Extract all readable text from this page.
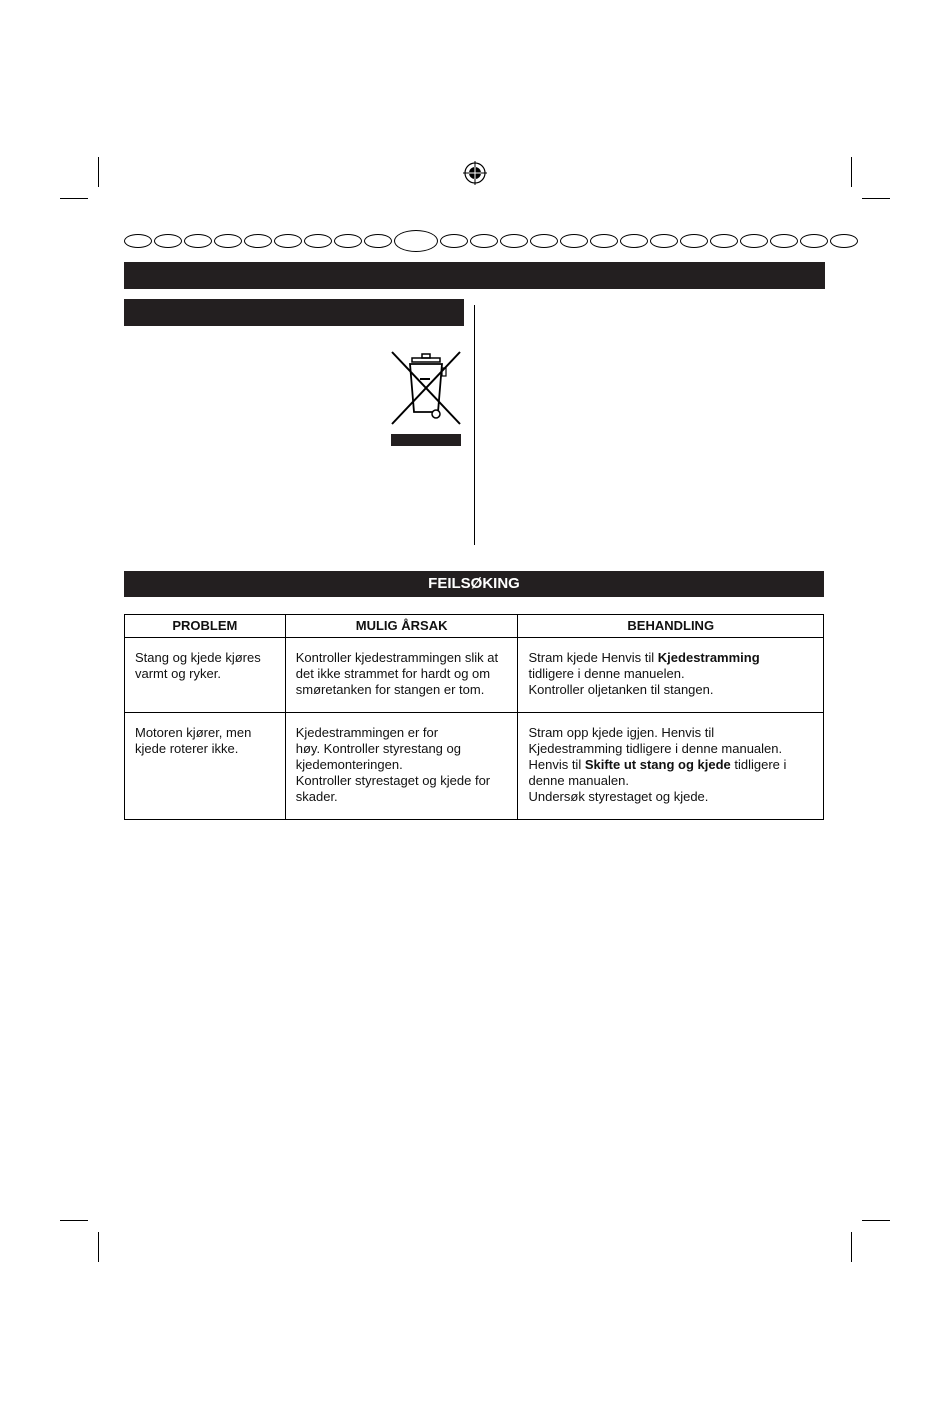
FEILSØKING
PROBLEM	MULIG ÅRSAK	BEHANDLING

Stang og kjede kjøres
varmt og ryker.	Kontroller kjedestrammingen slik at
det ikke strammet for hardt og om
smøretanken for stangen er tom.	Stram kjede Henvis til Kjedestramming
tidligere i denne manuelen.
Kontroller oljetanken til stangen.

Motoren kjører, men
kjede roterer ikke.	Kjedestrammingen er for
høy. Kontroller styrestang og
kjedemonteringen.
Kontroller styrestaget og kjede for
skader.	Stram opp kjede igjen. Henvis til
Kjedestramming tidligere i denne manualen.
Henvis til Skifte ut stang og kjede tidligere i
denne manualen.
Undersøk styrestaget og kjede.
